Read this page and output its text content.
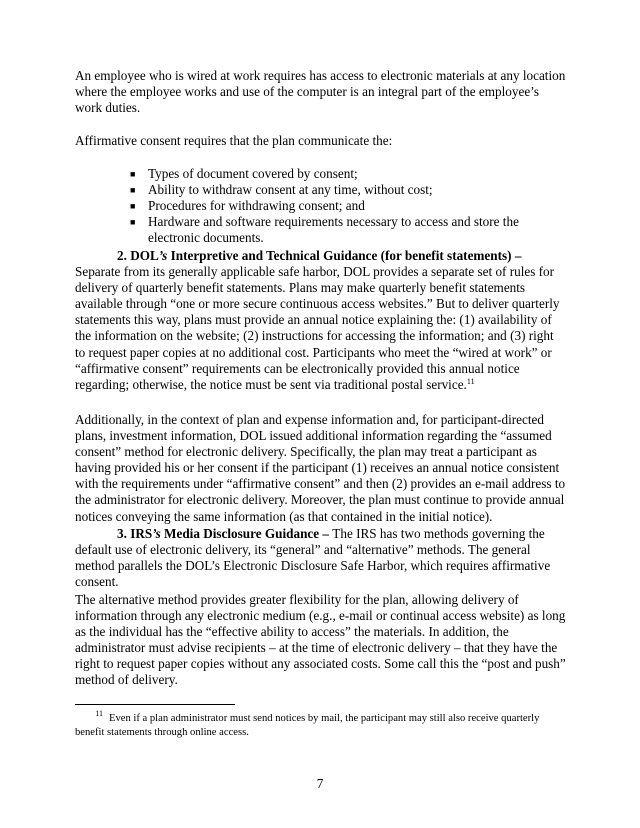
An employee who is wired at work requires has access to electronic materials at any location where the employee works and use of the computer is an integral part of the employee’s work duties.

Affirmative consent requires that the plan communicate the:

■ Types of document covered by consent;
■ Ability to withdraw consent at any time, without cost;
■ Procedures for withdrawing consent; and
■ Hardware and software requirements necessary to access and store the electronic documents.

2. DOL’s Interpretive and Technical Guidance (for benefit statements) – Separate from its generally applicable safe harbor, DOL provides a separate set of rules for delivery of quarterly benefit statements. Plans may make quarterly benefit statements available through “one or more secure continuous access websites.” But to deliver quarterly statements this way, plans must provide an annual notice explaining the: (1) availability of the information on the website; (2) instructions for accessing the information; and (3) right to request paper copies at no additional cost. Participants who meet the “wired at work” or “affirmative consent” requirements can be electronically provided this annual notice regarding; otherwise, the notice must be sent via traditional postal service.$^{11}$

Additionally, in the context of plan and expense information and, for participant-directed plans, investment information, DOL issued additional information regarding the “assumed consent” method for electronic delivery. Specifically, the plan may treat a participant as having provided his or her consent if the participant (1) receives an annual notice consistent with the requirements under “affirmative consent” and then (2) provides an e-mail address to the administrator for electronic delivery. Moreover, the plan must continue to provide annual notices conveying the same information (as that contained in the initial notice).

3. IRS’s Media Disclosure Guidance – The IRS has two methods governing the default use of electronic delivery, its “general” and “alternative” methods. The general method parallels the DOL’s Electronic Disclosure Safe Harbor, which requires affirmative consent.

The alternative method provides greater flexibility for the plan, allowing delivery of information through any electronic medium (e.g., e-mail or continual access website) as long as the individual has the “effective ability to access” the materials. In addition, the administrator must advise recipients – at the time of electronic delivery – that they have the right to request paper copies without any associated costs. Some call this the “post and push” method of delivery.

$^{11}$ Even if a plan administrator must send notices by mail, the participant may still also receive quarterly benefit statements through online access.
7
